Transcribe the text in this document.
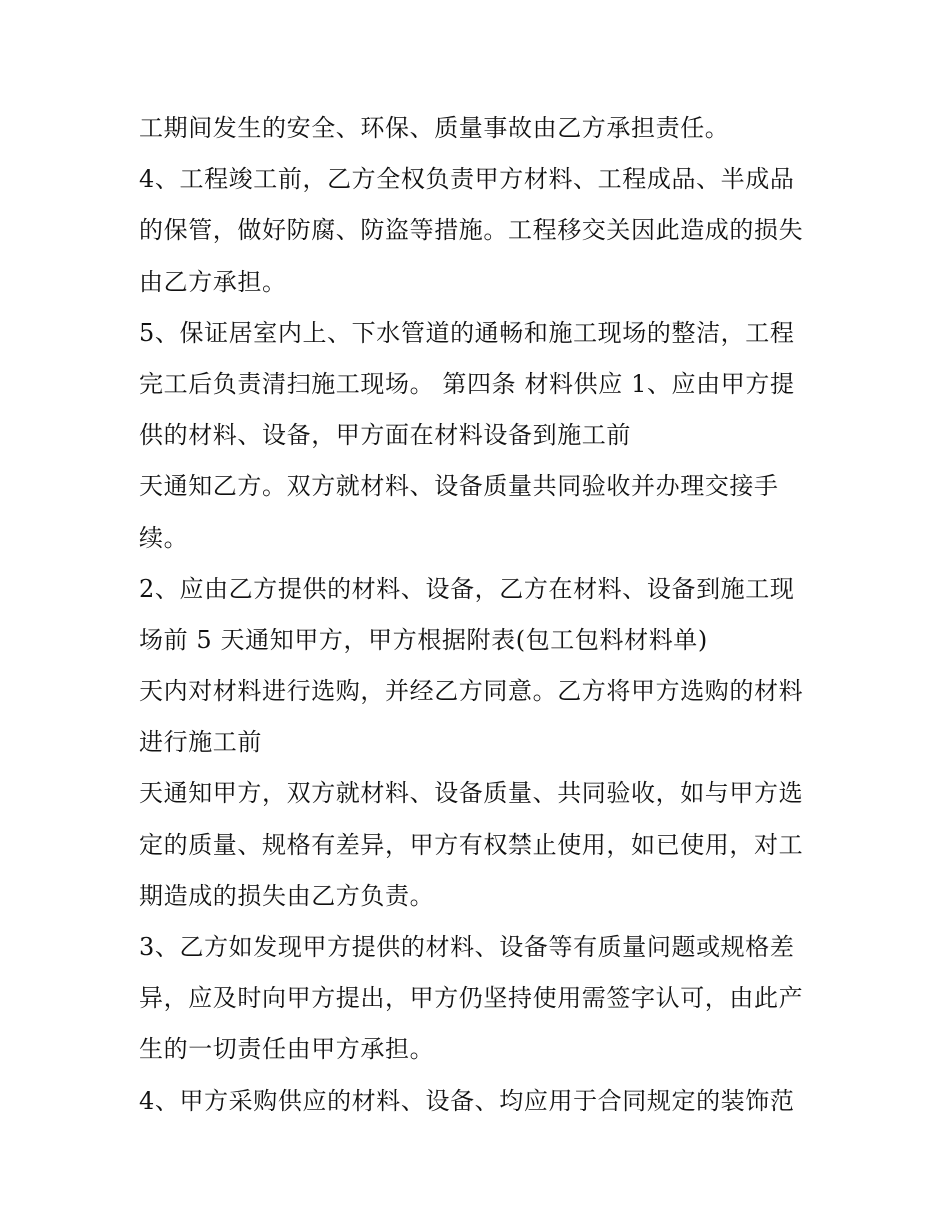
工期间发生的安全、环保、质量事故由乙方承担责任。
4、工程竣工前，乙方全权负责甲方材料、工程成品、半成品
的保管，做好防腐、防盗等措施。工程移交关因此造成的损失
由乙方承担。
5、保证居室内上、下水管道的通畅和施工现场的整洁，工程
完工后负责清扫施工现场。 第四条 材料供应 1、应由甲方提
供的材料、设备，甲方面在材料设备到施工前
天通知乙方。双方就材料、设备质量共同验收并办理交接手
续。
2、应由乙方提供的材料、设备，乙方在材料、设备到施工现
场前 5 天通知甲方，甲方根据附表(包工包料材料单)
天内对材料进行选购，并经乙方同意。乙方将甲方选购的材料
进行施工前
天通知甲方，双方就材料、设备质量、共同验收，如与甲方选
定的质量、规格有差异，甲方有权禁止使用，如已使用，对工
期造成的损失由乙方负责。
3、乙方如发现甲方提供的材料、设备等有质量问题或规格差
异，应及时向甲方提出，甲方仍坚持使用需签字认可，由此产
生的一切责任由甲方承担。
4、甲方采购供应的材料、设备、均应用于合同规定的装饰范
